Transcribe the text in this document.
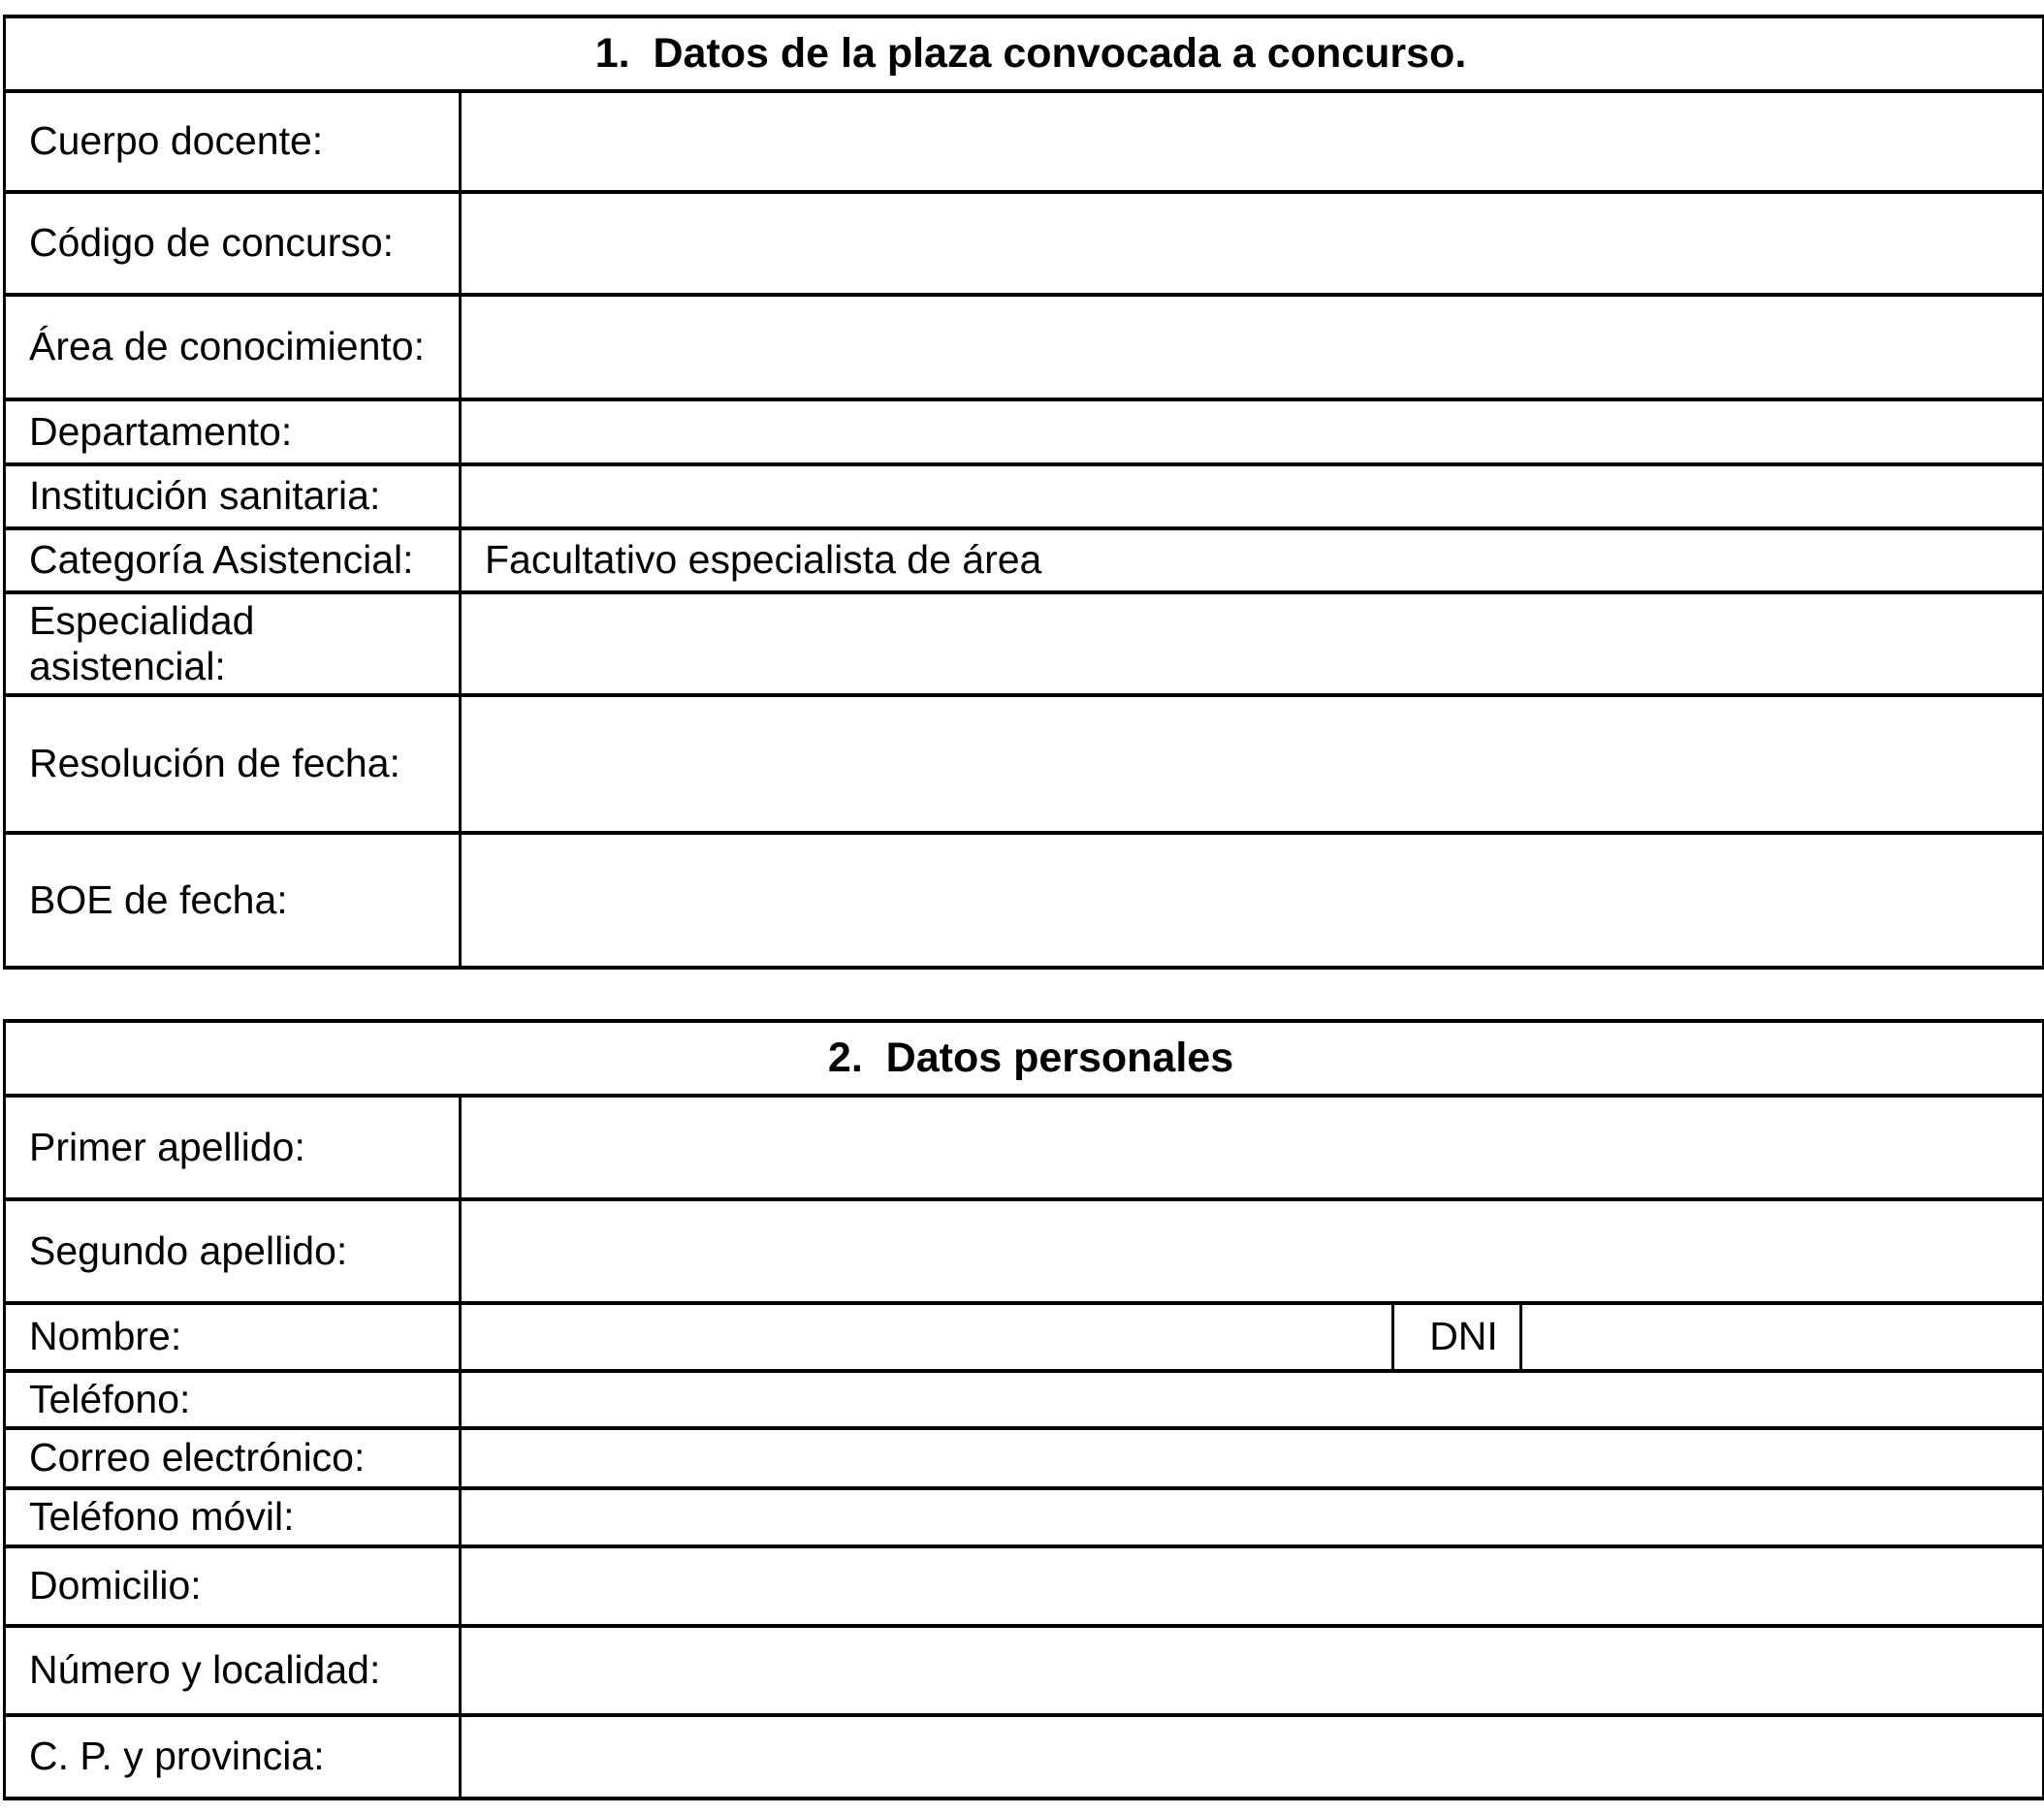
1.  Datos de la plaza convocada a concurso.	
Cuerpo docente:	
Código de concurso:	
Área de conocimiento:	
Departamento:	
Institución sanitaria:	
Categoría Asistencial:	Facultativo especialista de área
Especialidad asistencial:	
Resolución de fecha:	
BOE de fecha:	
2.  Datos personales			
Primer apellido:			
Segundo apellido:			
Nombre:		DNI	
Teléfono:			
Correo electrónico:			
Teléfono móvil:			
Domicilio:			
Número y localidad:			
C. P. y provincia:			
